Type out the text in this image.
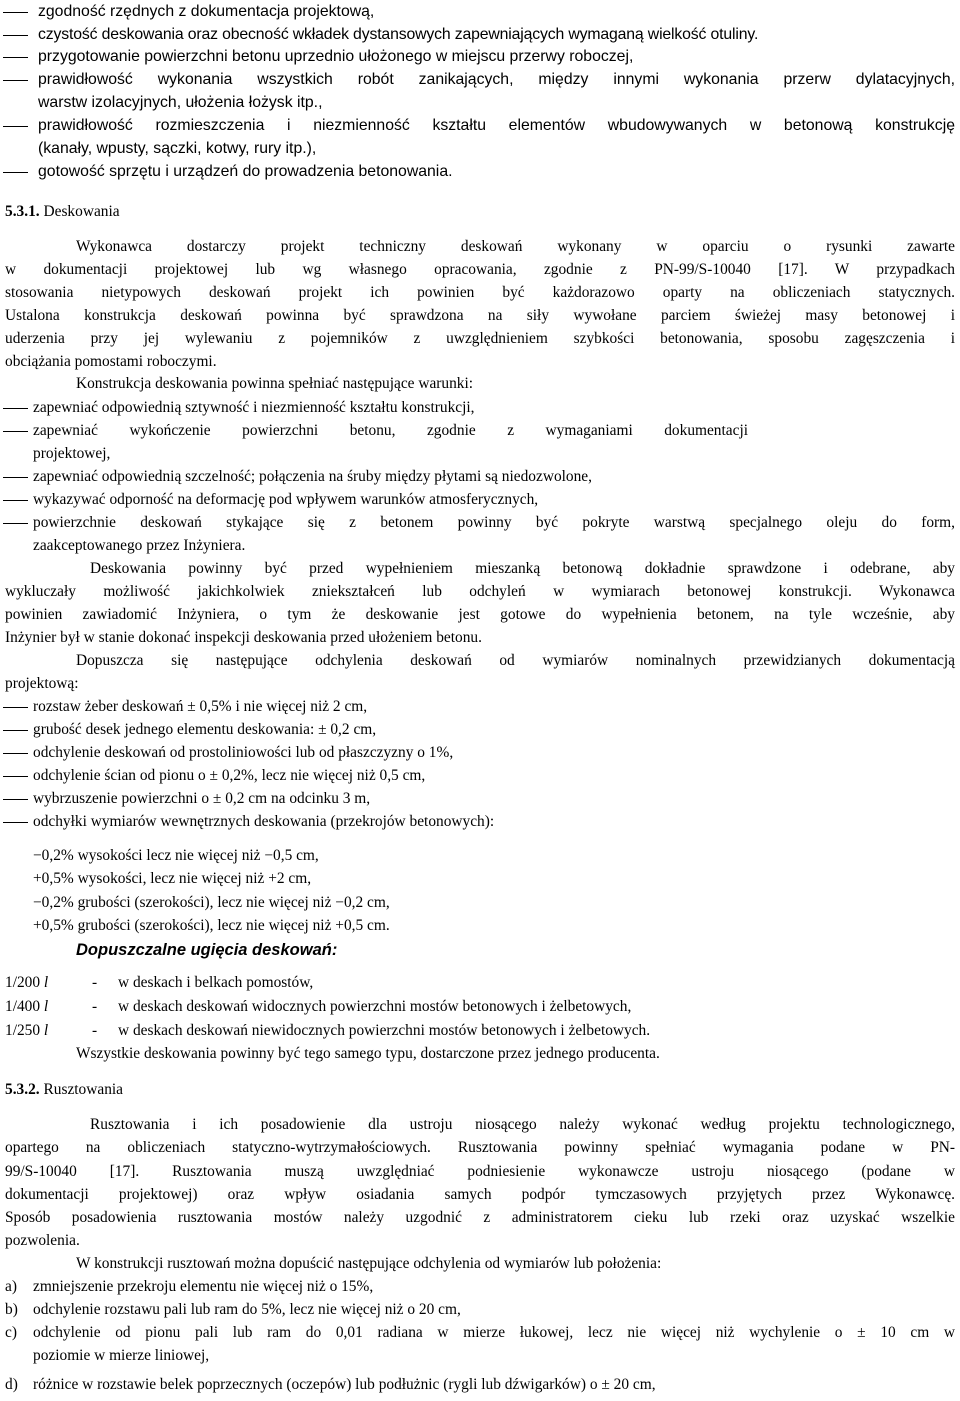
zgodność rzędnych z dokumentacja projektową,
czystość deskowania oraz obecność wkładek dystansowych zapewniających wymaganą wielkość otuliny.
przygotowanie powierzchni betonu uprzednio ułożonego w miejscu przerwy roboczej,
prawidłowość wykonania wszystkich robót zanikających, między innymi wykonania przerw dylatacyjnych,
warstw izolacyjnych, ułożenia łożysk itp.,
prawidłowość rozmieszczenia i niezmienność kształtu elementów wbudowywanych w betonową konstrukcję
(kanały, wpusty, sączki, kotwy, rury itp.),
gotowość sprzętu i urządzeń do prowadzenia betonowania.
5.3.1. Deskowania
Wykonawca dostarczy projekt techniczny deskowań wykonany w oparciu o rysunki zawarte
w dokumentacji projektowej lub wg własnego opracowania, zgodnie z PN-99/S-10040 [17]. W przypadkach
stosowania nietypowych deskowań projekt ich powinien być każdorazowo oparty na obliczeniach statycznych.
Ustalona konstrukcja deskowań powinna być sprawdzona na siły wywołane parciem świeżej masy betonowej i
uderzenia przy jej wylewaniu z pojemników z uwzględnieniem szybkości betonowania, sposobu zagęszczenia i
obciążania pomostami roboczymi.
Konstrukcja deskowania powinna spełniać następujące warunki:
zapewniać odpowiednią sztywność i niezmienność kształtu konstrukcji,
zapewniać wykończenie powierzchni betonu, zgodnie z wymaganiami dokumentacji
projektowej,
zapewniać odpowiednią szczelność; połączenia na śruby między płytami są niedozwolone,
wykazywać odporność na deformację pod wpływem warunków atmosferycznych,
powierzchnie deskowań stykające się z betonem powinny być pokryte warstwą specjalnego oleju do form,
zaakceptowanego przez Inżyniera.
Deskowania powinny być przed wypełnieniem mieszanką betonową dokładnie sprawdzone i odebrane, aby
wykluczały możliwość jakichkolwiek zniekształceń lub odchyleń w wymiarach betonowej konstrukcji. Wykonawca
powinien zawiadomić Inżyniera, o tym że deskowanie jest gotowe do wypełnienia betonem, na tyle wcześnie, aby
Inżynier był w stanie dokonać inspekcji deskowania przed ułożeniem betonu.
Dopuszcza się następujące odchylenia deskowań od wymiarów nominalnych przewidzianych dokumentacją
projektową:
rozstaw żeber deskowań ± 0,5% i nie więcej niż 2 cm,
grubość desek jednego elementu deskowania: ± 0,2 cm,
odchylenie deskowań od prostoliniowości lub od płaszczyzny o 1%,
odchylenie ścian od pionu o ± 0,2%, lecz nie więcej niż 0,5 cm,
wybrzuszenie powierzchni o ± 0,2 cm na odcinku 3 m,
odchyłki wymiarów wewnętrznych deskowania (przekrojów betonowych):
−0,2% wysokości lecz nie więcej niż −0,5 cm,
+0,5% wysokości, lecz nie więcej niż +2 cm,
−0,2% grubości (szerokości), lecz nie więcej niż −0,2 cm,
+0,5% grubości (szerokości), lecz nie więcej niż +0,5 cm.
Dopuszczalne ugięcia deskowań:
1/200 l	- w deskach i belkach pomostów,
1/400 l	- w deskach deskowań widocznych powierzchni mostów betonowych i żelbetowych,
1/250 l	- w deskach deskowań niewidocznych powierzchni mostów betonowych i żelbetowych.
Wszystkie deskowania powinny być tego samego typu, dostarczone przez jednego producenta.
5.3.2. Rusztowania
Rusztowania i ich posadowienie dla ustroju niosącego należy wykonać według projektu technologicznego,
opartego na obliczeniach statyczno-wytrzymałościowych. Rusztowania powinny spełniać wymagania podane w PN-
99/S-10040 [17]. Rusztowania muszą uwzględniać podniesienie wykonawcze ustroju niosącego (podane w
dokumentacji projektowej) oraz wpływ osiadania samych podpór tymczasowych przyjętych przez Wykonawcę.
Sposób posadowienia rusztowania mostów należy uzgodnić z administratorem cieku lub rzeki oraz uzyskać wszelkie
pozwolenia.
W konstrukcji rusztowań można dopuścić następujące odchylenia od wymiarów lub położenia:
a) zmniejszenie przekroju elementu nie więcej niż o 15%,
b) odchylenie rozstawu pali lub ram do 5%, lecz nie więcej niż o 20 cm,
c) odchylenie od pionu pali lub ram do 0,01 radiana w mierze łukowej, lecz nie więcej niż wychylenie o ± 10 cm w
poziomie w mierze liniowej,
d) różnice w rozstawie belek poprzecznych (oczepów) lub podłużnic (rygli lub dźwigarków) o ± 20 cm,
